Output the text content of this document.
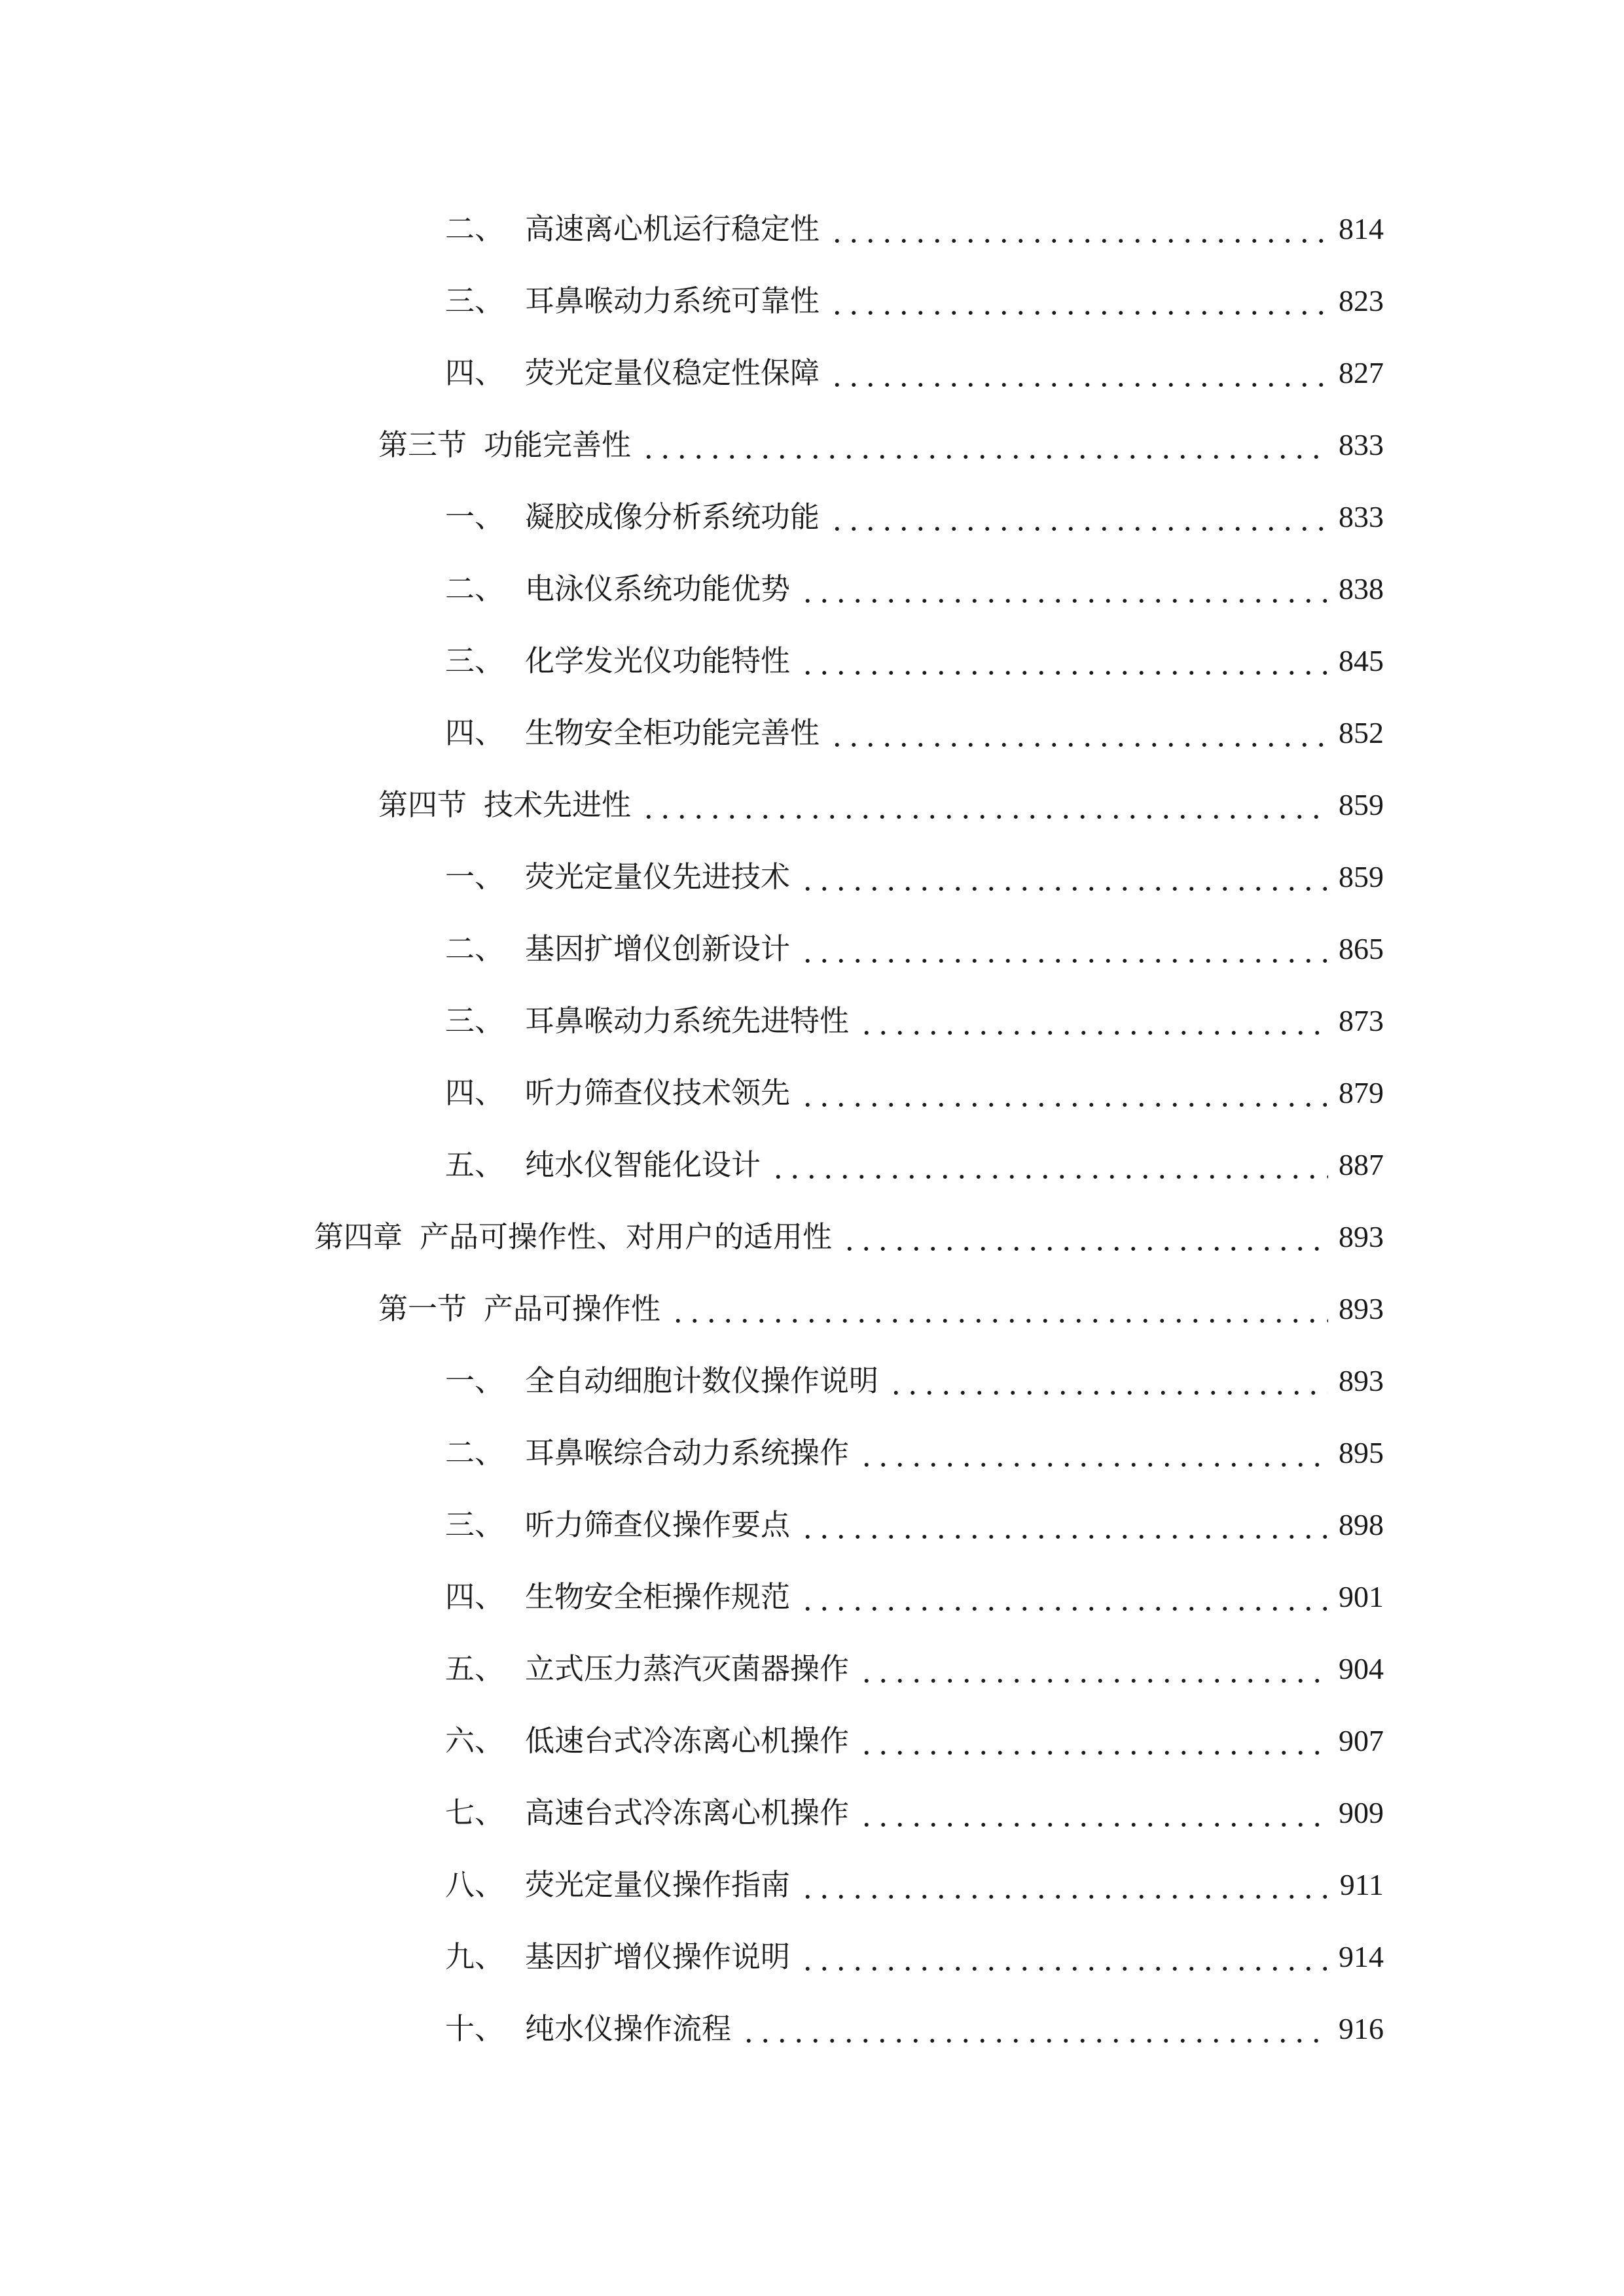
二、 高速离心机运行稳定性	814
三、 耳鼻喉动力系统可靠性	823
四、 荧光定量仪稳定性保障	827
第三节 功能完善性	833
一、 凝胶成像分析系统功能	833
二、 电泳仪系统功能优势	838
三、 化学发光仪功能特性	845
四、 生物安全柜功能完善性	852
第四节 技术先进性	859
一、 荧光定量仪先进技术	859
二、 基因扩增仪创新设计	865
三、 耳鼻喉动力系统先进特性	873
四、 听力筛查仪技术领先	879
五、 纯水仪智能化设计	887
第四章 产品可操作性、对用户的适用性	893
第一节 产品可操作性	893
一、 全自动细胞计数仪操作说明	893
二、 耳鼻喉综合动力系统操作	895
三、 听力筛查仪操作要点	898
四、 生物安全柜操作规范	901
五、 立式压力蒸汽灭菌器操作	904
六、 低速台式冷冻离心机操作	907
七、 高速台式冷冻离心机操作	909
八、 荧光定量仪操作指南	911
九、 基因扩增仪操作说明	914
十、 纯水仪操作流程	916
